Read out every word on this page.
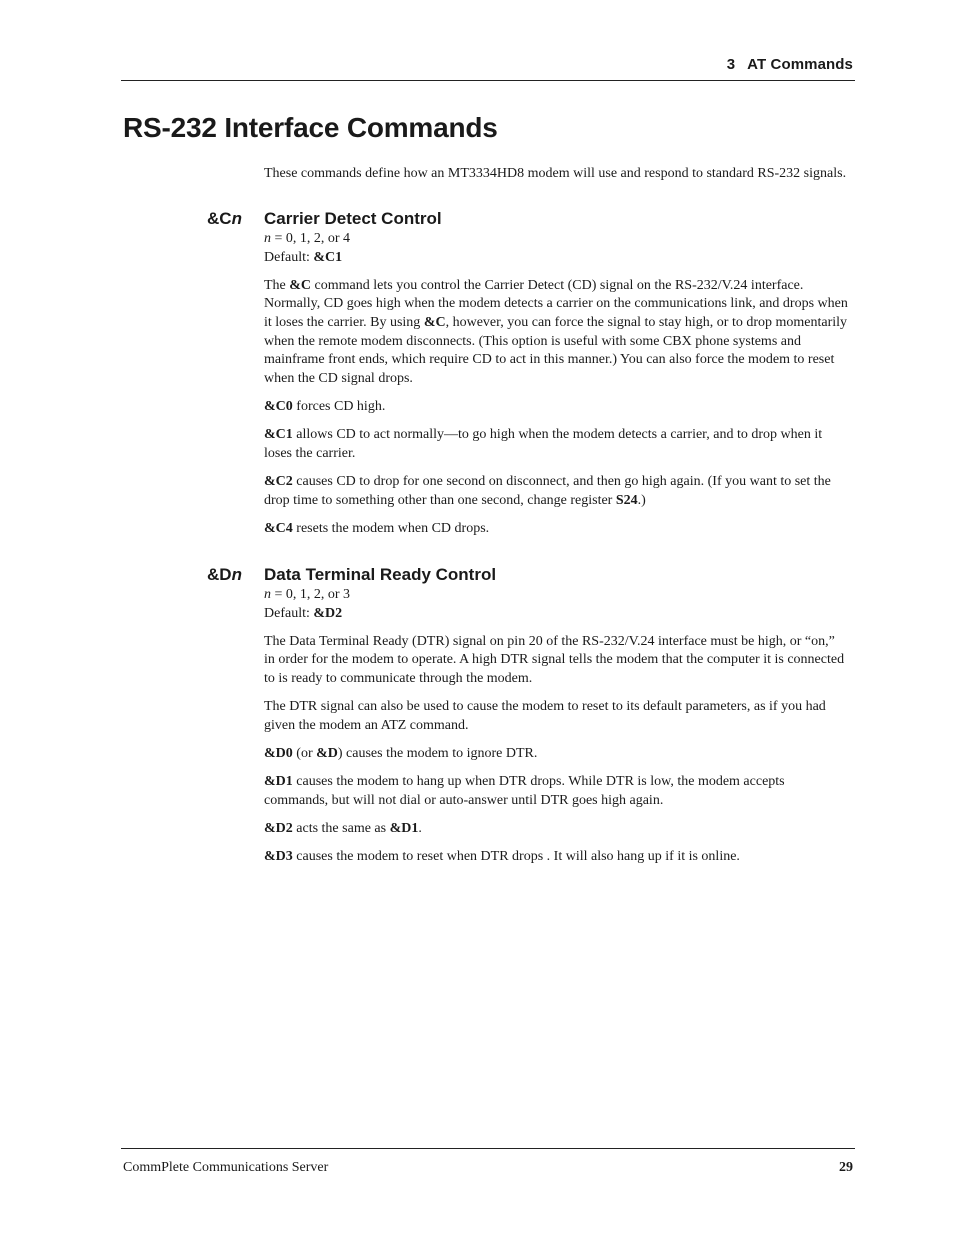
3 AT Commands
RS-232 Interface Commands

These commands define how an MT3334HD8 modem will use and respond to standard RS-232 signals.

&Cn Carrier Detect Control

n = 0, 1, 2, or 4
Default: &C1

The &C command lets you control the Carrier Detect (CD) signal on the RS-232/V.24 interface. Normally, CD goes high when the modem detects a carrier on the communications link, and drops when it loses the carrier. By using &C, however, you can force the signal to stay high, or to drop momentarily when the remote modem disconnects. (This option is useful with some CBX phone systems and mainframe front ends, which require CD to act in this manner.) You can also force the modem to reset when the CD signal drops.

&C0 forces CD high.

&C1 allows CD to act normally—to go high when the modem detects a carrier, and to drop when it loses the carrier.

&C2 causes CD to drop for one second on disconnect, and then go high again. (If you want to set the drop time to something other than one second, change register S24.)

&C4 resets the modem when CD drops.

&Dn Data Terminal Ready Control

n = 0, 1, 2, or 3
Default: &D2

The Data Terminal Ready (DTR) signal on pin 20 of the RS-232/V.24 interface must be high, or “on,” in order for the modem to operate. A high DTR signal tells the modem that the computer it is connected to is ready to communicate through the modem.

The DTR signal can also be used to cause the modem to reset to its default parameters, as if you had given the modem an ATZ command.

&D0 (or &D) causes the modem to ignore DTR.

&D1 causes the modem to hang up when DTR drops. While DTR is low, the modem accepts commands, but will not dial or auto-answer until DTR goes high again.

&D2 acts the same as &D1.

&D3 causes the modem to reset when DTR drops . It will also hang up if it is online.

CommPlete Communications Server	29
